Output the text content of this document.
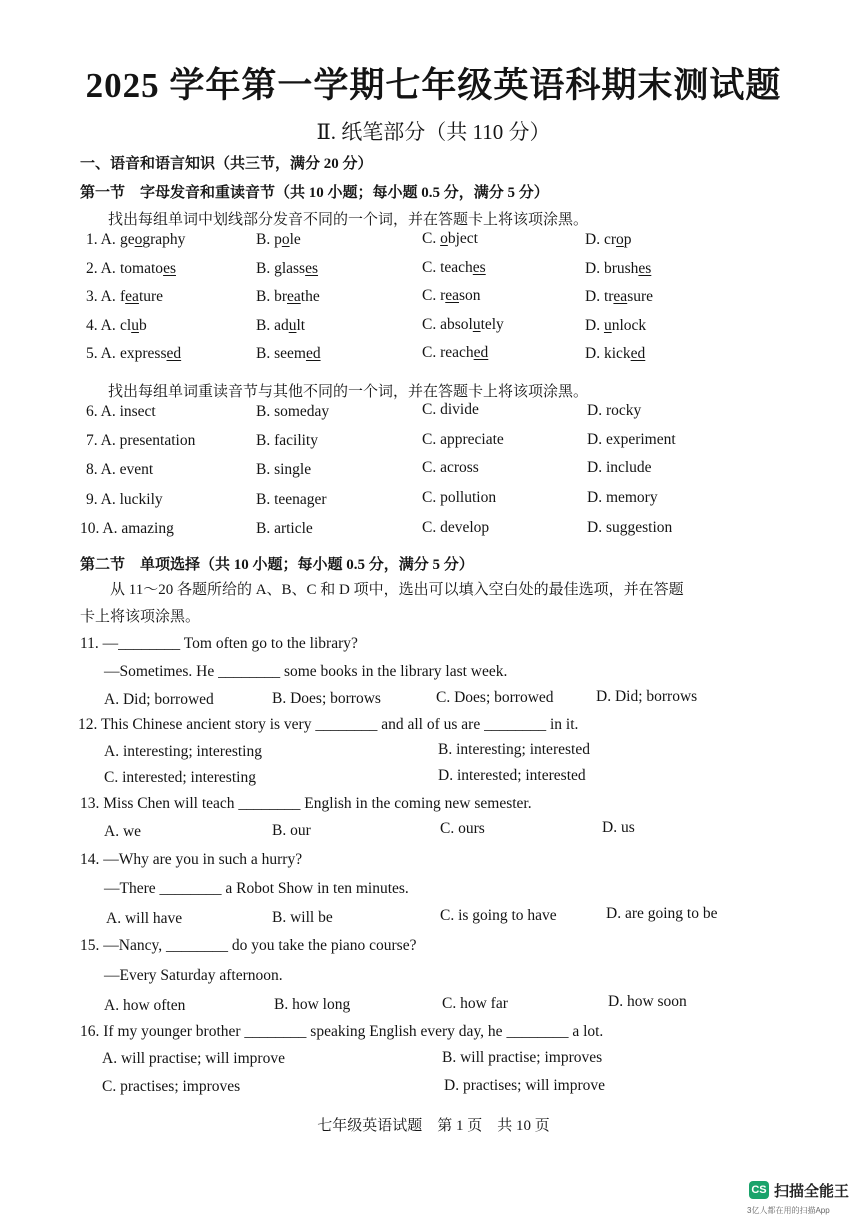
2025 学年第一学期七年级英语科期末测试题
Ⅱ. 纸笔部分（共 110 分）
一、语音和语言知识（共三节，满分 20 分）
第一节　字母发音和重读音节（共 10 小题；每小题 0.5 分，满分 5 分）
找出每组单词中划线部分发音不同的一个词，并在答题卡上将该项涂黑。
1. A. geography	B. pole	C. object	D. crop
2. A. tomatoes	B. glasses	C. teaches	D. brushes
3. A. feature	B. breathe	C. reason	D. treasure
4. A. club	B. adult	C. absolutely	D. unlock
5. A. expressed	B. seemed	C. reached	D. kicked
找出每组单词重读音节与其他不同的一个词，并在答题卡上将该项涂黑。
6. A. insect	B. someday	C. divide	D. rocky
7. A. presentation	B. facility	C. appreciate	D. experiment
8. A. event	B. single	C. across	D. include
9. A. luckily	B. teenager	C. pollution	D. memory
10. A. amazing	B. article	C. develop	D. suggestion
第二节　单项选择（共 10 小题；每小题 0.5 分，满分 5 分）
从 11～20 各题所给的 A、B、C 和 D 项中，选出可以填入空白处的最佳选项，并在答题
卡上将该项涂黑。
11. —________ Tom often go to the library?
—Sometimes. He ________ some books in the library last week.
A. Did; borrowed	B. Does; borrows	C. Does; borrowed	D. Did; borrows
12. This Chinese ancient story is very ________ and all of us are ________ in it.
A. interesting; interesting	B. interesting; interested
C. interested; interesting	D. interested; interested
13. Miss Chen will teach ________ English in the coming new semester.
A. we	B. our	C. ours	D. us
14. —Why are you in such a hurry?
—There ________ a Robot Show in ten minutes.
A. will have	B. will be	C. is going to have	D. are going to be
15. —Nancy, ________ do you take the piano course?
—Every Saturday afternoon.
A. how often	B. how long	C. how far	D. how soon
16. If my younger brother ________ speaking English every day, he ________ a lot.
A. will practise; will improve	B. will practise; improves
C. practises; improves	D. practises; will improve
七年级英语试题　第 1 页　共 10 页
CS 扫描全能王
3亿人都在用的扫描App
